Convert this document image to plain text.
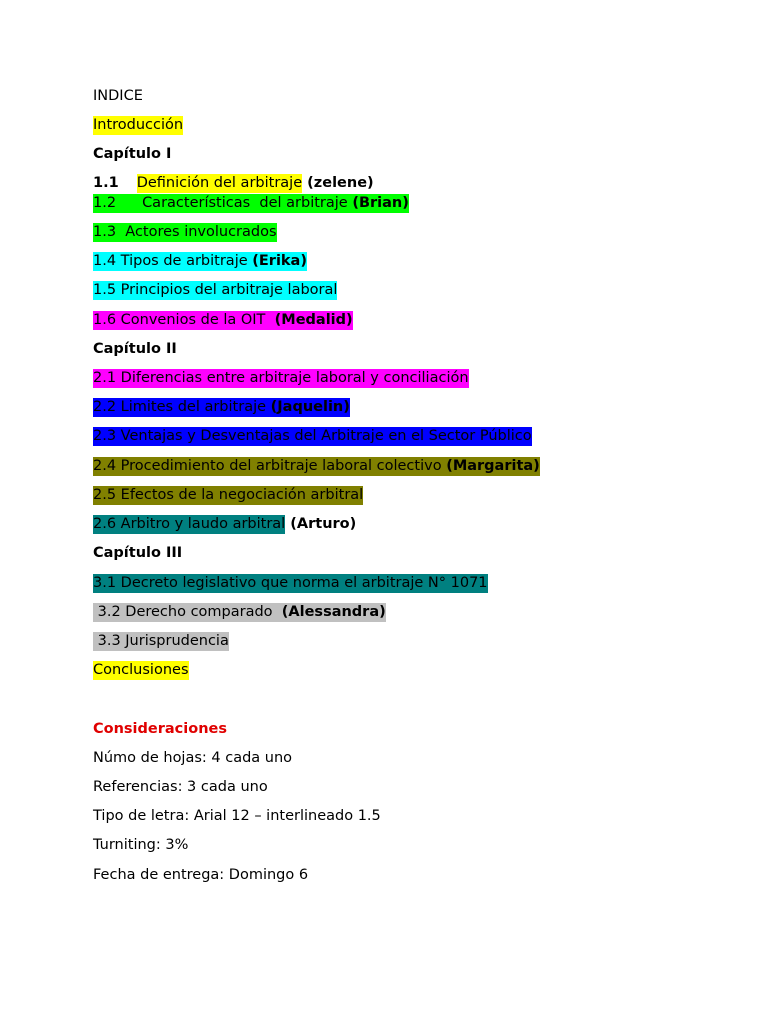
INDICE
Introducción
Capítulo I
1.1 Definición del arbitraje (zelene)
1.2 Características  del arbitraje (Brian)
1.3  Actores involucrados
1.4 Tipos de arbitraje (Erika)
1.5 Principios del arbitraje laboral
1.6 Convenios de la OIT  (Medalid)
Capítulo II
2.1 Diferencias entre arbitraje laboral y conciliación
2.2 Limites del arbitraje (Jaquelin)
2.3 Ventajas y Desventajas del Arbitraje en el Sector Público
2.4 Procedimiento del arbitraje laboral colectivo (Margarita)
2.5 Efectos de la negociación arbitral
2.6 Arbitro y laudo arbitral (Arturo)
Capítulo III
3.1 Decreto legislativo que norma el arbitraje N° 1071
3.2 Derecho comparado  (Alessandra)
3.3 Jurisprudencia
Conclusiones
Consideraciones
Númo de hojas: 4 cada uno
Referencias: 3 cada uno
Tipo de letra: Arial 12 – interlineado 1.5
Turniting: 3%
Fecha de entrega: Domingo 6
